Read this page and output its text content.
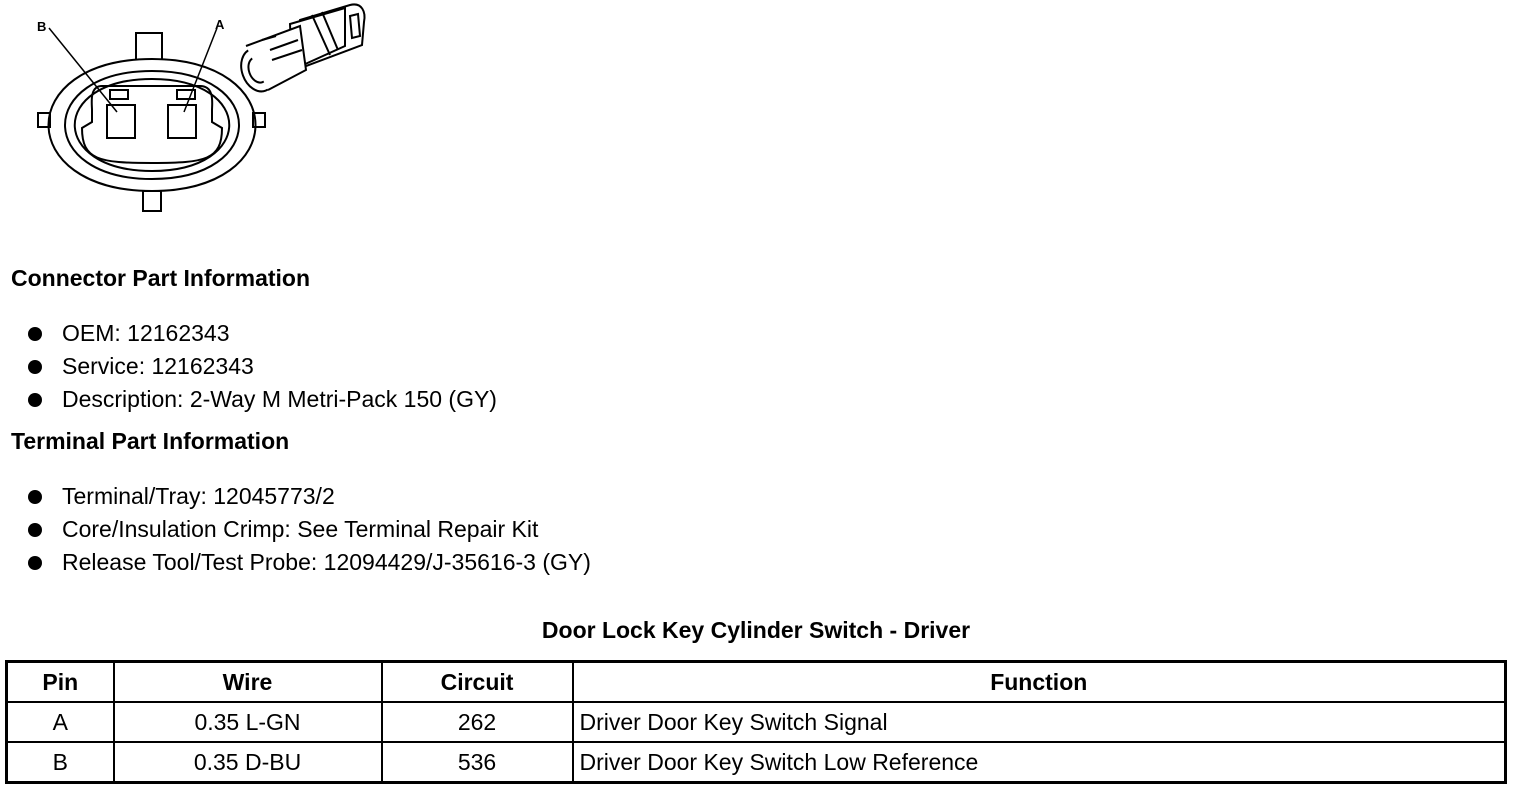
B	A
Connector Part Information
OEM: 12162343
Service: 12162343
Description: 2-Way M Metri-Pack 150 (GY)
Terminal Part Information
Terminal/Tray: 12045773/2
Core/Insulation Crimp: See Terminal Repair Kit
Release Tool/Test Probe: 12094429/J-35616-3 (GY)
Door Lock Key Cylinder Switch - Driver
Pin	Wire	Circuit	Function
A	0.35 L-GN	262	Driver Door Key Switch Signal
B	0.35 D-BU	536	Driver Door Key Switch Low Reference
